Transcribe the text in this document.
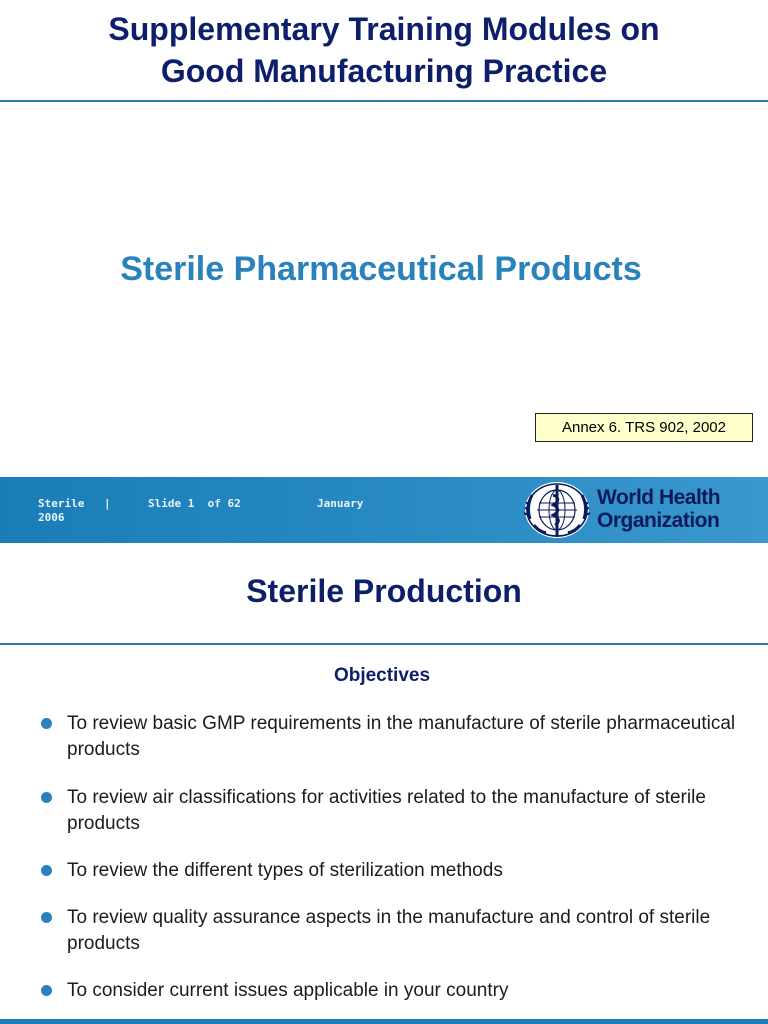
Supplementary Training Modules on
Good Manufacturing Practice
Sterile Pharmaceutical Products
Annex 6. TRS 902, 2002
Sterile |
2006
Slide 1  of 62	January	World Health
Organization
Sterile Production
Objectives
To review basic GMP requirements in the manufacture of sterile pharmaceutical products
To review air classifications for activities related to the manufacture of sterile products
To review the different types of sterilization methods
To review quality assurance aspects in the manufacture and control of sterile products
To consider current issues applicable in your country
